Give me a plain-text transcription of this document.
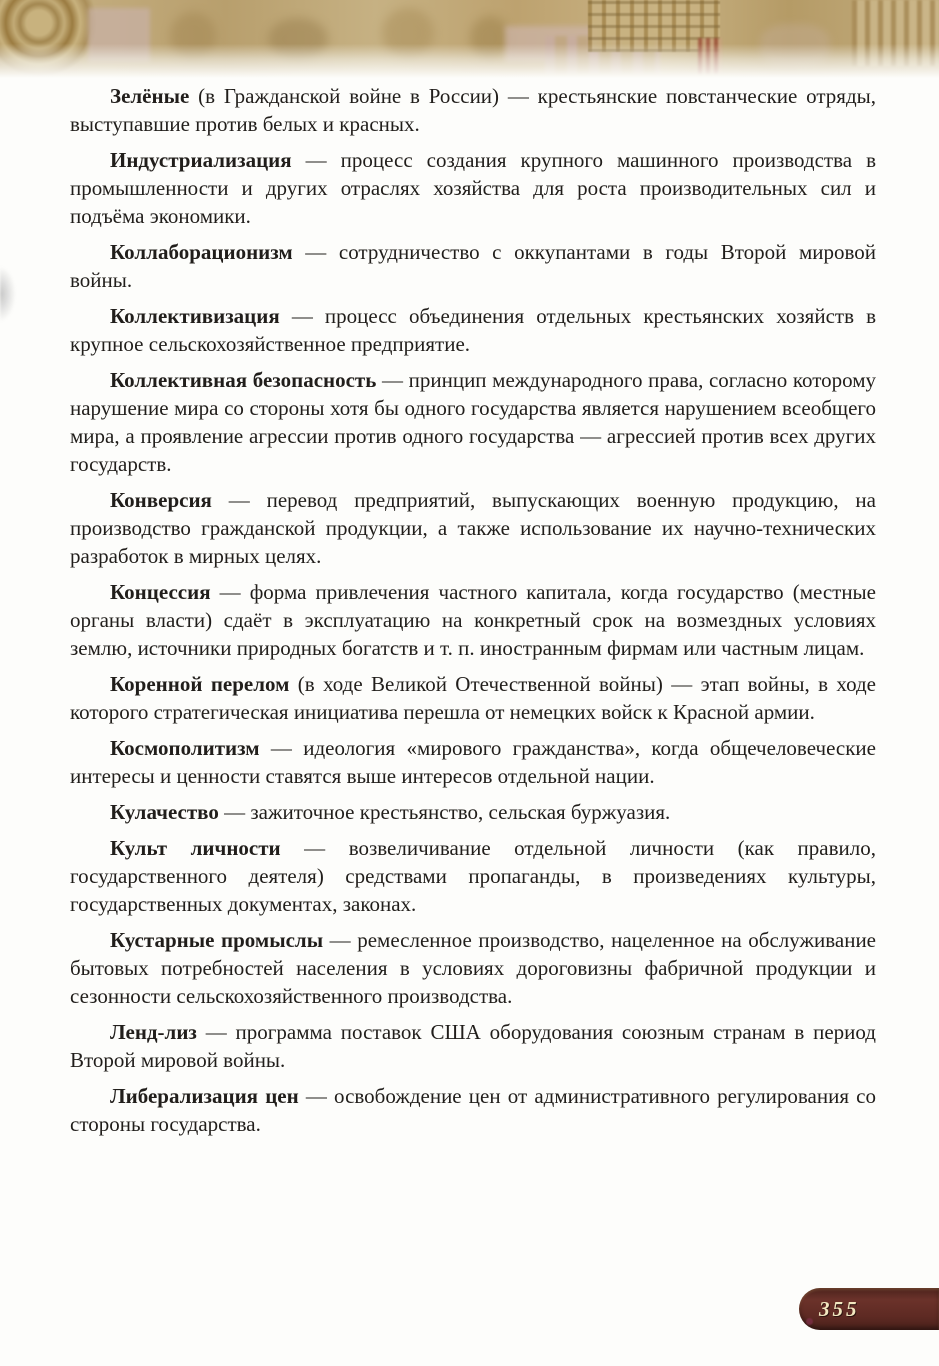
Зелёные (в Гражданской войне в России) — крестьянские повстанческие отряды, выступавшие против белых и красных.

Индустриализация — процесс создания крупного машинного производства в промышленности и других отраслях хозяйства для роста производительных сил и подъёма экономики.

Коллаборационизм — сотрудничество с оккупантами в годы Второй мировой войны.

Коллективизация — процесс объединения отдельных крестьянских хозяйств в крупное сельскохозяйственное предприятие.

Коллективная безопасность — принцип международного права, согласно которому нарушение мира со стороны хотя бы одного государства является нарушением всеобщего мира, а проявление агрессии против одного государства — агрессией против всех других государств.

Конверсия — перевод предприятий, выпускающих военную продукцию, на производство гражданской продукции, а также использование их научно-технических разработок в мирных целях.

Концессия — форма привлечения частного капитала, когда государство (местные органы власти) сдаёт в эксплуатацию на конкретный срок на возмездных условиях землю, источники природных богатств и т. п. иностранным фирмам или частным лицам.

Коренной перелом (в ходе Великой Отечественной войны) — этап войны, в ходе которого стратегическая инициатива перешла от немецких войск к Красной армии.

Космополитизм — идеология «мирового гражданства», когда общечеловеческие интересы и ценности ставятся выше интересов отдельной нации.

Кулачество — зажиточное крестьянство, сельская буржуазия.

Культ личности — возвеличивание отдельной личности (как правило, государственного деятеля) средствами пропаганды, в произведениях культуры, государственных документах, законах.

Кустарные промыслы — ремесленное производство, нацеленное на обслуживание бытовых потребностей населения в условиях дороговизны фабричной продукции и сезонности сельскохозяйственного производства.

Ленд-лиз — программа поставок США оборудования союзным странам в период Второй мировой войны.

Либерализация цен — освобождение цен от административного регулирования со стороны государства.

355
